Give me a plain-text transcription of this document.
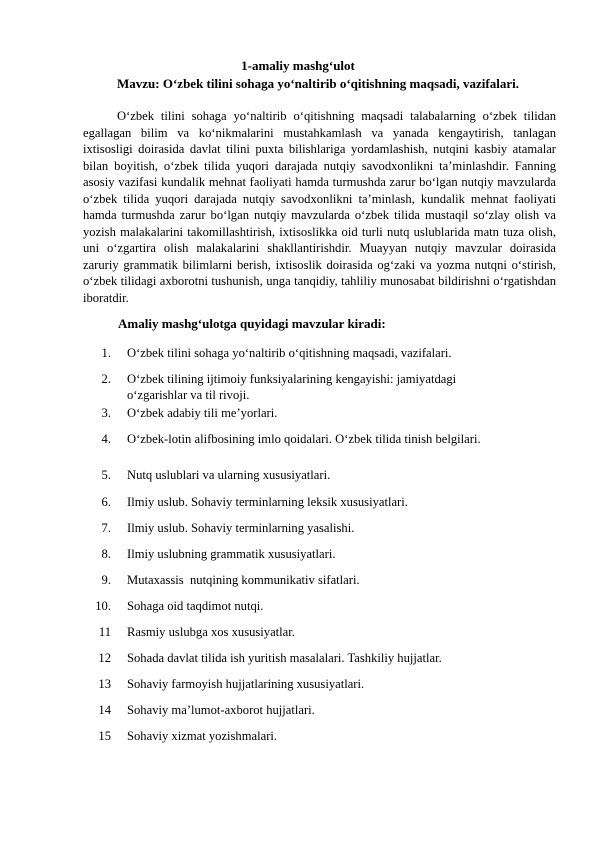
1-amaliy mashg‘ulot
Mavzu: O‘zbek tilini sohaga yo‘naltirib o‘qitishning maqsadi, vazifalari.

O‘zbek tilini sohaga yo‘naltirib o‘qitishning maqsadi talabalarning o‘zbek tilidan egallagan bilim va ko‘nikmalarini mustahkamlash va yanada kengaytirish, tanlagan ixtisosligi doirasida davlat tilini puxta bilishlariga yordamlashish, nutqini kasbiy atamalar bilan boyitish, o‘zbek tilida yuqori darajada nutqiy savodxonlikni ta’minlashdir. Fanning asosiy vazifasi kundalik mehnat faoliyati hamda turmushda zarur bo‘lgan nutqiy mavzularda o‘zbek tilida yuqori darajada nutqiy savodxonlikni ta’minlash, kundalik mehnat faoliyati hamda turmushda zarur bo‘lgan nutqiy mavzularda o‘zbek tilida mustaqil so‘zlay olish va yozish malakalarini takomillashtirish, ixtisoslikka oid turli nutq uslublarida matn tuza olish, uni o‘zgartira olish malakalarini shakllantirishdir. Muayyan nutqiy mavzular doirasida zaruriy grammatik bilimlarni berish, ixtisoslik doirasida og‘zaki va yozma nutqni o‘stirish, o‘zbek tilidagi axborotni tushunish, unga tanqidiy, tahliliy munosabat bildirishni o‘rgatishdan iboratdir.

Amaliy mashg‘ulotga quyidagi mavzular kiradi:
1. O‘zbek tilini sohaga yo‘naltirib o‘qitishning maqsadi, vazifalari.
2. O‘zbek tilining ijtimoiy funksiyalarining kengayishi: jamiyatdagi o‘zgarishlar va til rivoji.
3. O‘zbek adabiy tili me’yorlari.
4. O‘zbek-lotin alifbosining imlo qoidalari. O‘zbek tilida tinish belgilari.
5. Nutq uslublari va ularning xususiyatlari.
6. Ilmiy uslub. Sohaviy terminlarning leksik xususiyatlari.
7. Ilmiy uslub. Sohaviy terminlarning yasalishi.
8. Ilmiy uslubning grammatik xususiyatlari.
9. Mutaxassis  nutqining kommunikativ sifatlari.
10. Sohaga oid taqdimot nutqi.
11 Rasmiy uslubga xos xususiyatlar.
12 Sohada davlat tilida ish yuritish masalalari. Tashkiliy hujjatlar.
13 Sohaviy farmoyish hujjatlarining xususiyatlari.
14 Sohaviy ma’lumot-axborot hujjatlari.
15 Sohaviy xizmat yozishmalari.
